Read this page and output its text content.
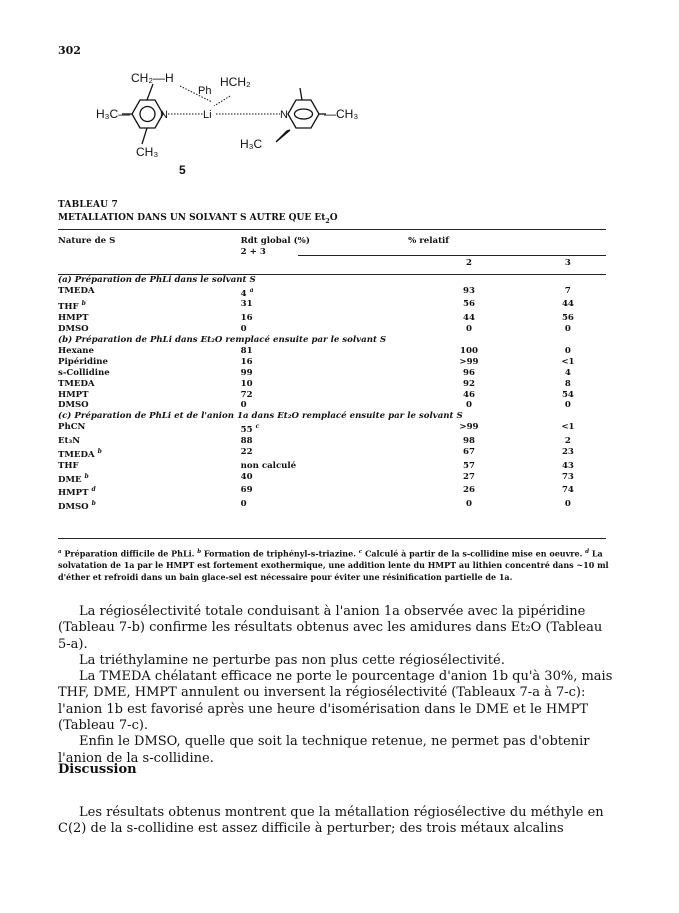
302
CH₂—H
Ph
HCH₂
H₃C—	N	Li	N	—CH₃
CH₃
H₃C
5
TABLEAU 7
METALLATION DANS UN SOLVANT S AUTRE QUE $Et_2O$
Nature de S	Rdt global (%)	% relatif	
	2 + 3		
		2	3

(a) Préparation de PhLi dans le solvant S			
TMEDA	4 $^a$	93	7
THF $^b$	31	56	44
HMPT	16	44	56
DMSO	0	0	0
(b) Préparation de PhLi dans Et₂O remplacé ensuite par le solvant S			
Hexane	81	100	0
Pipéridine	16	>99	<1
s-Collidine	99	96	4
TMEDA	10	92	8
HMPT	72	46	54
DMSO	0	0	0
(c) Préparation de PhLi et de l'anion 1a dans Et₂O remplacé ensuite par le solvant S			
PhCN	55 $^c$	>99	<1
Et₃N	88	98	2
TMEDA $^b$	22	67	23
THF	non calculé	57	43
DME $^b$	40	27	73
HMPT $^d$	69	26	74
DMSO $^b$	0	0	0
$^a$ Préparation difficile de PhLi. $^b$ Formation de triphényl-s-triazine. $^c$ Calculé à partir de la s-collidine mise en oeuvre. $^d$ La solvatation de 1a par le HMPT est fortement exothermique, une addition lente du HMPT au lithien concentré dans ~10 ml d'éther et refroidi dans un bain glace-sel est nécessaire pour éviter une résinification partielle de 1a.

La régiosélectivité totale conduisant à l'anion 1a observée avec la pipéridine (Tableau 7-b) confirme les résultats obtenus avec les amidures dans Et₂O (Tableau 5-a).

La triéthylamine ne perturbe pas non plus cette régiosélectivité.

La TMEDA chélatant efficace ne porte le pourcentage d'anion 1b qu'à 30%, mais THF, DME, HMPT annulent ou inversent la régiosélectivité (Tableaux 7-a à 7-c): l'anion 1b est favorisé après une heure d'isomérisation dans le DME et le HMPT (Tableau 7-c).

Enfin le DMSO, quelle que soit la technique retenue, ne permet pas d'obtenir l'anion de la s-collidine.

Discussion

Les résultats obtenus montrent que la métallation régiosélective du méthyle en C(2) de la s-collidine est assez difficile à perturber; des trois métaux alcalins
